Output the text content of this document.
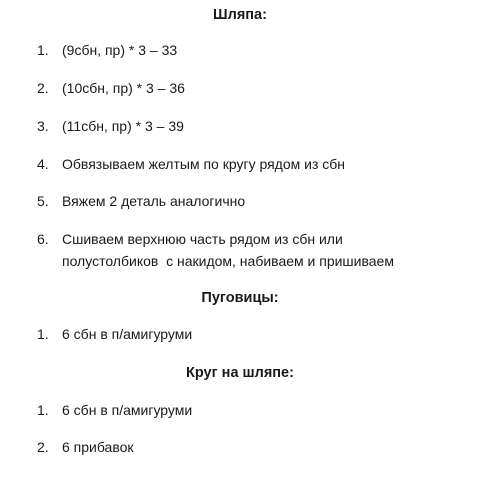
Шляпа:
1. (9сбн, пр) * 3 – 33
2. (10сбн, пр) * 3 – 36
3. (11сбн, пр) * 3 – 39
4. Обвязываем желтым по кругу рядом из сбн
5. Вяжем 2 деталь аналогично
6. Сшиваем верхнюю часть рядом из сбн или
полустолбиков  с накидом, набиваем и пришиваем
Пуговицы:
1. 6 сбн в п/амигуруми
Круг на шляпе:
1. 6 сбн в п/амигуруми
2. 6 прибавок
